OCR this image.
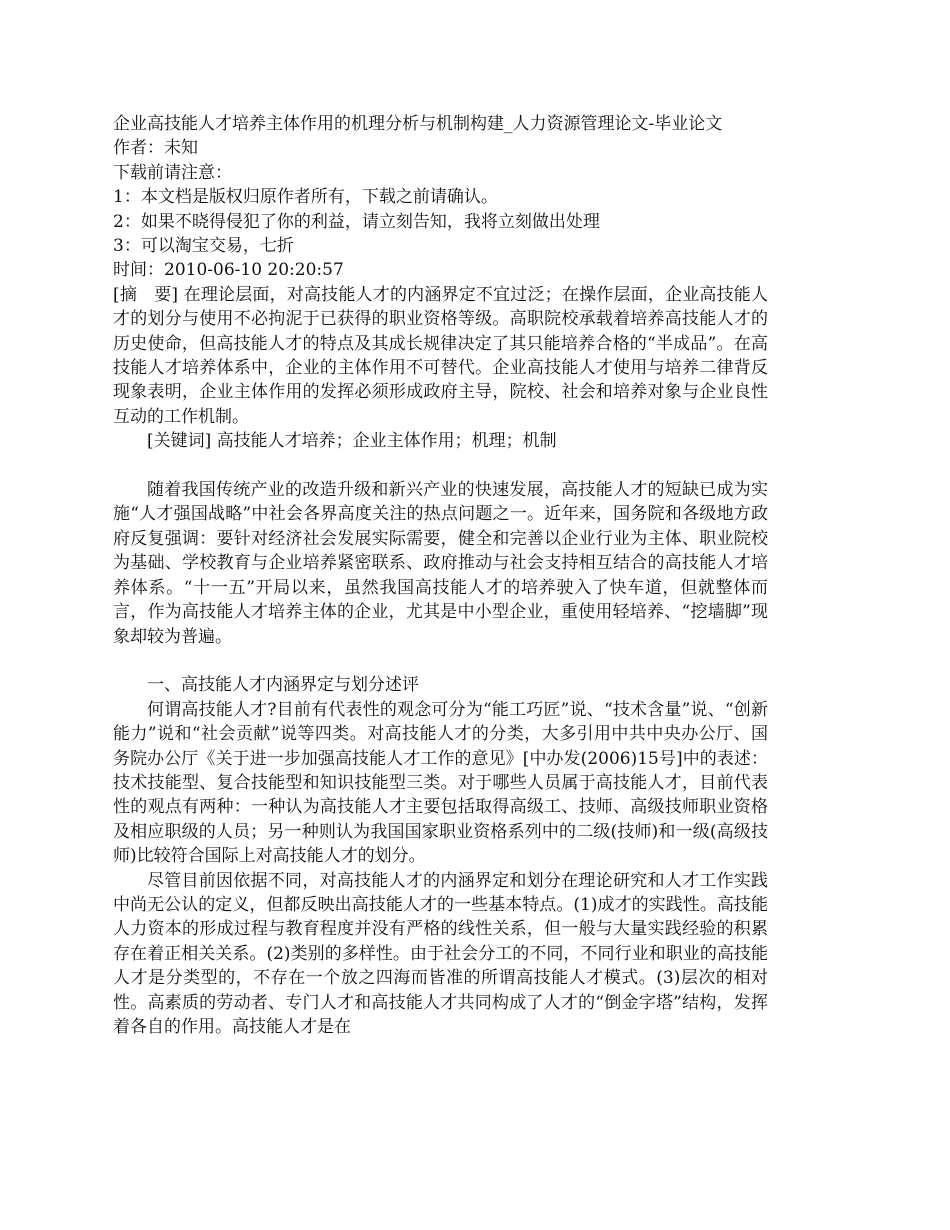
企业高技能人才培养主体作用的机理分析与机制构建_人力资源管理论文-毕业论文

作者：未知

下载前请注意：

1：本文档是版权归原作者所有，下载之前请确认。

2：如果不晓得侵犯了你的利益，请立刻告知，我将立刻做出处理

3：可以淘宝交易，七折

时间：2010-06-10 20:20:57

[摘　要] 在理论层面，对高技能人才的内涵界定不宜过泛；在操作层面，企业高技能人才的划分与使用不必拘泥于已获得的职业资格等级。高职院校承载着培养高技能人才的历史使命，但高技能人才的特点及其成长规律决定了其只能培养合格的“半成品”。在高技能人才培养体系中，企业的主体作用不可替代。企业高技能人才使用与培养二律背反现象表明，企业主体作用的发挥必须形成政府主导，院校、社会和培养对象与企业良性互动的工作机制。

[关键词] 高技能人才培养；企业主体作用；机理；机制

随着我国传统产业的改造升级和新兴产业的快速发展，高技能人才的短缺已成为实施“人才强国战略”中社会各界高度关注的热点问题之一。近年来，国务院和各级地方政府反复强调：要针对经济社会发展实际需要，健全和完善以企业行业为主体、职业院校为基础、学校教育与企业培养紧密联系、政府推动与社会支持相互结合的高技能人才培养体系。“十一五”开局以来，虽然我国高技能人才的培养驶入了快车道，但就整体而言，作为高技能人才培养主体的企业，尤其是中小型企业，重使用轻培养、“挖墙脚”现象却较为普遍。

一、高技能人才内涵界定与划分述评

何谓高技能人才?目前有代表性的观念可分为“能工巧匠”说、“技术含量”说、“创新能力”说和“社会贡献”说等四类。对高技能人才的分类，大多引用中共中央办公厅、国务院办公厅《关于进一步加强高技能人才工作的意见》[中办发(2006)15号]中的表述：技术技能型、复合技能型和知识技能型三类。对于哪些人员属于高技能人才，目前代表性的观点有两种：一种认为高技能人才主要包括取得高级工、技师、高级技师职业资格及相应职级的人员；另一种则认为我国国家职业资格系列中的二级(技师)和一级(高级技师)比较符合国际上对高技能人才的划分。

尽管目前因依据不同，对高技能人才的内涵界定和划分在理论研究和人才工作实践中尚无公认的定义，但都反映出高技能人才的一些基本特点。(1)成才的实践性。高技能人力资本的形成过程与教育程度并没有严格的线性关系，但一般与大量实践经验的积累存在着正相关关系。(2)类别的多样性。由于社会分工的不同，不同行业和职业的高技能人才是分类型的，不存在一个放之四海而皆准的所谓高技能人才模式。(3)层次的相对性。高素质的劳动者、专门人才和高技能人才共同构成了人才的“倒金字塔”结构，发挥着各自的作用。高技能人才是在
